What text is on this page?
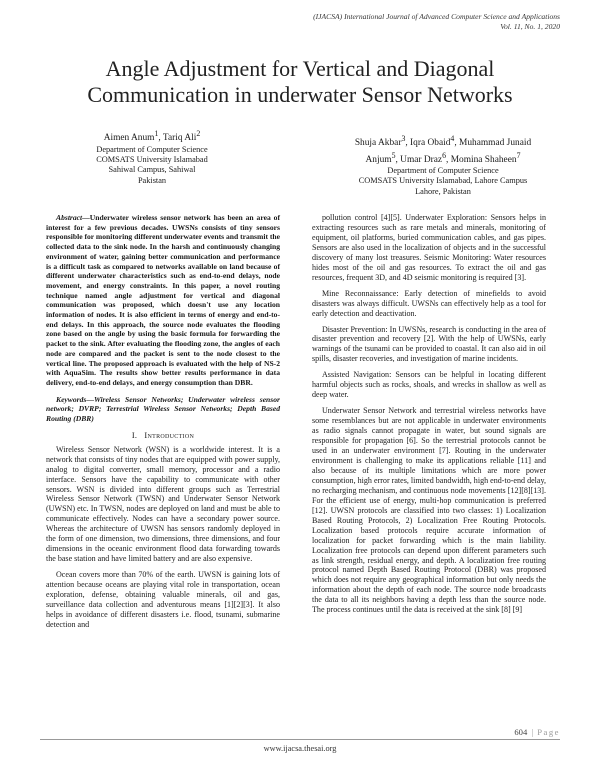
(IJACSA) International Journal of Advanced Computer Science and Applications
Vol. 11, No. 1, 2020
Angle Adjustment for Vertical and Diagonal
Communication in underwater Sensor Networks
Aimen Anum$^1$, Tariq Ali$^2$
Department of Computer Science
COMSATS University Islamabad
Sahiwal Campus, Sahiwal
Pakistan
Shuja Akbar$^3$, Iqra Obaid$^4$, Muhammad Junaid
Anjum$^5$, Umar Draz$^6$, Momina Shaheen$^7$
Department of Computer Science
COMSATS University Islamabad, Lahore Campus
Lahore, Pakistan

Abstract—Underwater wireless sensor network has been an area of interest for a few previous decades. UWSNs consists of tiny sensors responsible for monitoring different underwater events and transmit the collected data to the sink node. In the harsh and continuously changing environment of water, gaining better communication and performance is a difficult task as compared to networks available on land because of different underwater characteristics such as end-to-end delays, node movement, and energy constraints. In this paper, a novel routing technique named angle adjustment for vertical and diagonal communication was proposed, which doesn't use any location information of nodes. It is also efficient in terms of energy and end-to-end delays. In this approach, the source node evaluates the flooding zone based on the angle by using the basic formula for forwarding the packet to the sink. After evaluating the flooding zone, the angles of each node are compared and the packet is sent to the node closest to the vertical line. The proposed approach is evaluated with the help of NS-2 with AquaSim. The results show better results performance in data delivery, end-to-end delays, and energy consumption than DBR.

Keywords—Wireless Sensor Networks; Underwater wireless sensor network; DVRP; Terrestrial Wireless Sensor Networks; Depth Based Routing (DBR)

I. Introduction

Wireless Sensor Network (WSN) is a worldwide interest. It is a network that consists of tiny nodes that are equipped with power supply, analog to digital converter, small memory, processor and a radio interface. Sensors have the capability to communicate with other sensors. WSN is divided into different groups such as Terrestrial Wireless Sensor Network (TWSN) and Underwater Sensor Network (UWSN) etc. In TWSN, nodes are deployed on land and must be able to communicate effectively. Nodes can have a secondary power source. Whereas the architecture of UWSN has sensors randomly deployed in the form of one dimension, two dimensions, three dimensions, and four dimensions in the oceanic environment flood data forwarding towards the base station and have limited battery and are also expensive.

Ocean covers more than 70% of the earth. UWSN is gaining lots of attention because oceans are playing vital role in transportation, ocean exploration, defense, obtaining valuable minerals, oil and gas, surveillance data collection and adventurous means [1][2][3]. It also helps in avoidance of different disasters i.e. flood, tsunami, submarine detection and

pollution control [4][5]. Underwater Exploration: Sensors helps in extracting resources such as rare metals and minerals, monitoring of equipment, oil platforms, buried communication cables, and gas pipes. Sensors are also used in the localization of objects and in the successful discovery of many lost treasures. Seismic Monitoring: Water resources hides most of the oil and gas resources. To extract the oil and gas resources, frequent 3D, and 4D seismic monitoring is required [3].

Mine Reconnaissance: Early detection of minefields to avoid disasters was always difficult. UWSNs can effectively help as a tool for early detection and deactivation.

Disaster Prevention: In UWSNs, research is conducting in the area of disaster prevention and recovery [2]. With the help of UWSNs, early warnings of the tsunami can be provided to coastal. It can also aid in oil spills, disaster recoveries, and investigation of marine incidents.

Assisted Navigation: Sensors can be helpful in locating different harmful objects such as rocks, shoals, and wrecks in shallow as well as deep water.

Underwater Sensor Network and terrestrial wireless networks have some resemblances but are not applicable in underwater environments as radio signals cannot propagate in water, but sound signals are responsible for propagation [6]. So the terrestrial protocols cannot be used in an underwater environment [7]. Routing in the underwater environment is challenging to make its applications reliable [11] and also because of its multiple limitations which are more power consumption, high error rates, limited bandwidth, high end-to-end delay, no recharging mechanism, and continuous node movements [12][8][13]. For the efficient use of energy, multi-hop communication is preferred [12]. UWSN protocols are classified into two classes: 1) Localization Based Routing Protocols, 2) Localization Free Routing Protocols. Localization based protocols require accurate information of localization for packet forwarding which is the main liability. Localization free protocols can depend upon different parameters such as link strength, residual energy, and depth. A localization free routing protocol named Depth Based Routing Protocol (DBR) was proposed which does not require any geographical information but only needs the information about the depth of each node. The source node broadcasts the data to all its neighbors having a depth less than the source node. The process continues until the data is received at the sink [8] [9]

604 | Page
www.ijacsa.thesai.org
